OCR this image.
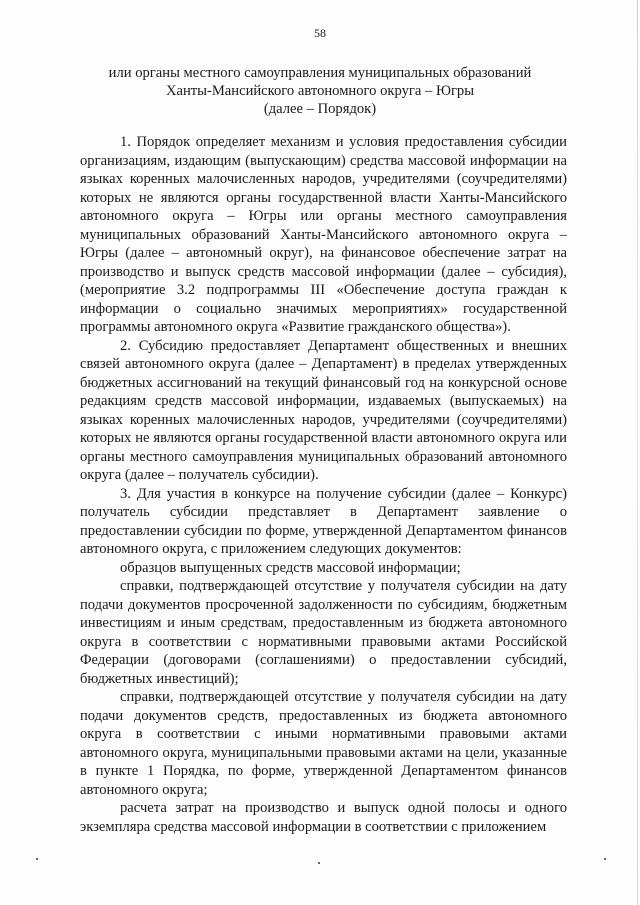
58
или органы местного самоуправления муниципальных образований
Ханты-Мансийского автономного округа – Югры
(далее – Порядок)

1. Порядок определяет механизм и условия предоставления субсидии организациям, издающим (выпускающим) средства массовой информации на языках коренных малочисленных народов, учредителями (соучредителями) которых не являются органы государственной власти Ханты-Мансийского автономного округа – Югры или органы местного самоуправления муниципальных образований Ханты-Мансийского автономного округа – Югры (далее – автономный округ), на финансовое обеспечение затрат на производство и выпуск средств массовой информации (далее – субсидия), (мероприятие 3.2 подпрограммы III «Обеспечение доступа граждан к информации о социально значимых мероприятиях» государственной программы автономного округа «Развитие гражданского общества»).

2. Субсидию предоставляет Департамент общественных и внешних связей автономного округа (далее – Департамент) в пределах утвержденных бюджетных ассигнований на текущий финансовый год на конкурсной основе редакциям средств массовой информации, издаваемых (выпускаемых) на языках коренных малочисленных народов, учредителями (соучредителями) которых не являются органы государственной власти автономного округа или органы местного самоуправления муниципальных образований автономного округа (далее – получатель субсидии).

3. Для участия в конкурсе на получение субсидии (далее – Конкурс) получатель субсидии представляет в Департамент заявление о предоставлении субсидии по форме, утвержденной Департаментом финансов автономного округа, с приложением следующих документов:

образцов выпущенных средств массовой информации;

справки, подтверждающей отсутствие у получателя субсидии на дату подачи документов просроченной задолженности по субсидиям, бюджетным инвестициям и иным средствам, предоставленным из бюджета автономного округа в соответствии с нормативными правовыми актами Российской Федерации (договорами (соглашениями) о предоставлении субсидий, бюджетных инвестиций);

справки, подтверждающей отсутствие у получателя субсидии на дату подачи документов средств, предоставленных из бюджета автономного округа в соответствии с иными нормативными правовыми актами автономного округа, муниципальными правовыми актами на цели, указанные в пункте 1 Порядка, по форме, утвержденной Департаментом финансов автономного округа;

расчета затрат на производство и выпуск одной полосы и одного экземпляра средства массовой информации в соответствии с приложением
